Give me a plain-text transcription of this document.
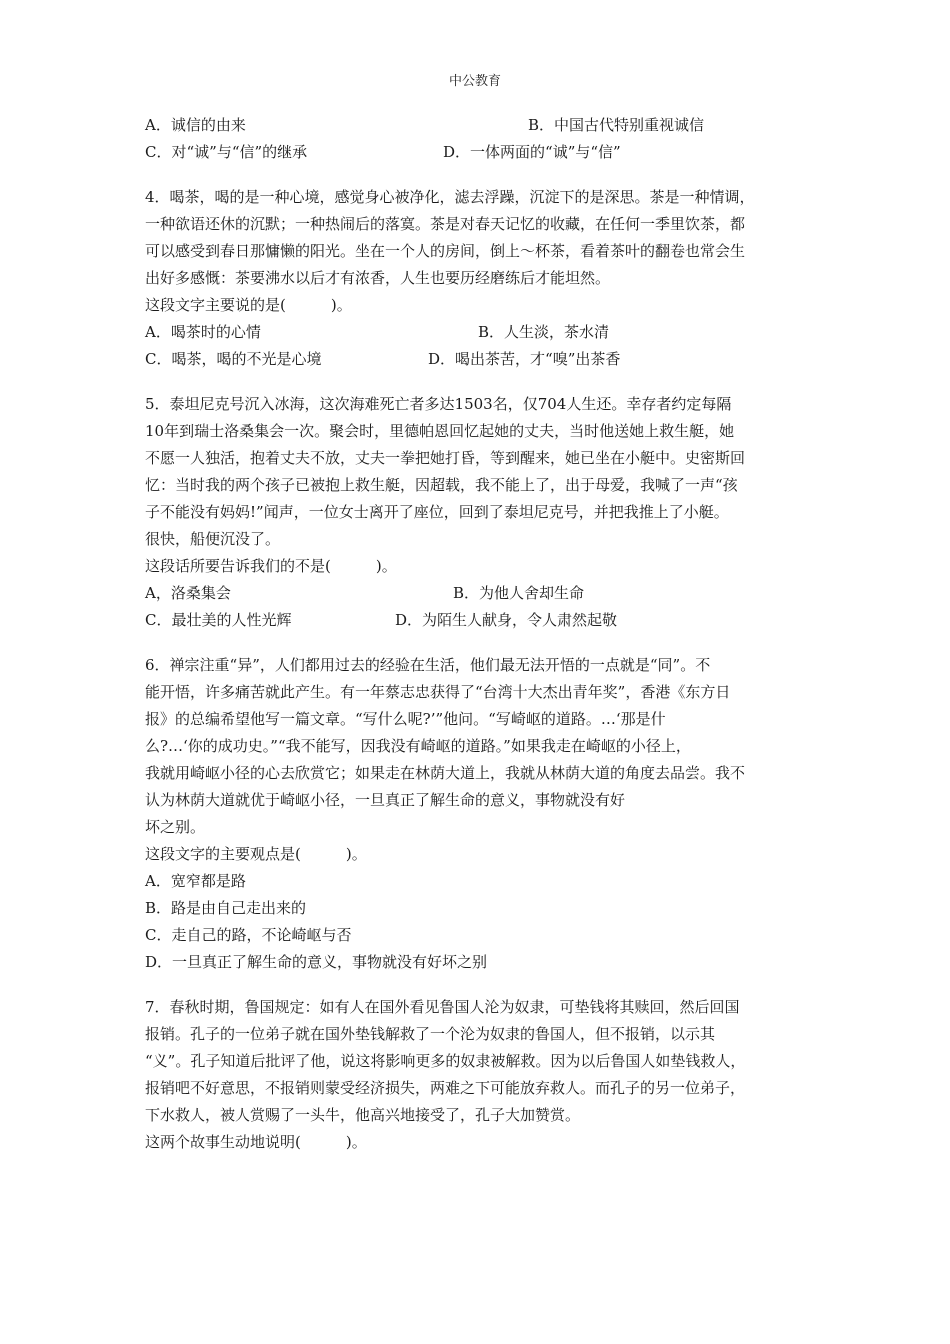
中公教育

A．诚信的由来

	B．中国古代特别重视诚信

C．对“诚”与“信”的继承

	D．一体两面的“诚”与“信”

4．喝茶，喝的是一种心境，感觉身心被净化，滤去浮躁，沉淀下的是深思。茶是一种情调，
一种欲语还休的沉默；一种热闹后的落寞。茶是对春天记忆的收藏，在任何一季里饮茶，都
可以感受到春日那慵懒的阳光。坐在一个人的房间，倒上～杯茶，看着茶叶的翻卷也常会生
出好多感慨：茶要沸水以后才有浓香，人生也要历经磨练后才能坦然。
这段文字主要说的是(　　　)。

A．喝茶时的心情

	B．人生淡，茶水清

C．喝茶，喝的不光是心境

	D．喝出茶苦，才“嗅”出茶香

5．泰坦尼克号沉入冰海，这次海难死亡者多达1503名，仅704人生还。幸存者约定每隔
10年到瑞士洛桑集会一次。聚会时，里德帕恩回忆起她的丈夫，当时他送她上救生艇，她
不愿一人独活，抱着丈夫不放，丈夫一拳把她打昏，等到醒来，她已坐在小艇中。史密斯回
忆：当时我的两个孩子已被抱上救生艇，因超载，我不能上了，出于母爱，我喊了一声“孩
子不能没有妈妈!”闻声，一位女士离开了座位，回到了泰坦尼克号，并把我推上了小艇。
很快，船便沉没了。
这段话所要告诉我们的不是(　　　)。

A，洛桑集会

	B．为他人舍却生命

C．最壮美的人性光辉

	D．为陌生人献身，令人肃然起敬

6．禅宗注重“异”，人们都用过去的经验在生活，他们最无法开悟的一点就是“同”。不
能开悟，许多痛苦就此产生。有一年蔡志忠获得了“台湾十大杰出青年奖”，香港《东方日
报》的总编希望他写一篇文章。“写什么呢?’”他问。“写崎岖的道路。…‘那是什
么?…‘你的成功史。”“我不能写，因我没有崎岖的道路。”如果我走在崎岖的小径上，
我就用崎岖小径的心去欣赏它；如果走在林荫大道上，我就从林荫大道的角度去品尝。我不
认为林荫大道就优于崎岖小径，一旦真正了解生命的意义，事物就没有好
坏之别。
这段文字的主要观点是(　　　)。
A．宽窄都是路
B．路是由自己走出来的
C．走自己的路，不论崎岖与否
D．一旦真正了解生命的意义，事物就没有好坏之别
7．春秋时期，鲁国规定：如有人在国外看见鲁国人沦为奴隶，可垫钱将其赎回，然后回国
报销。孔子的一位弟子就在国外垫钱解救了一个沦为奴隶的鲁国人，但不报销，以示其
“义”。孔子知道后批评了他，说这将影响更多的奴隶被解救。因为以后鲁国人如垫钱救人，
报销吧不好意思，不报销则蒙受经济损失，两难之下可能放弃救人。而孔子的另一位弟子，
下水救人，被人赏赐了一头牛，他高兴地接受了，孔子大加赞赏。
这两个故事生动地说明(　　　)。
